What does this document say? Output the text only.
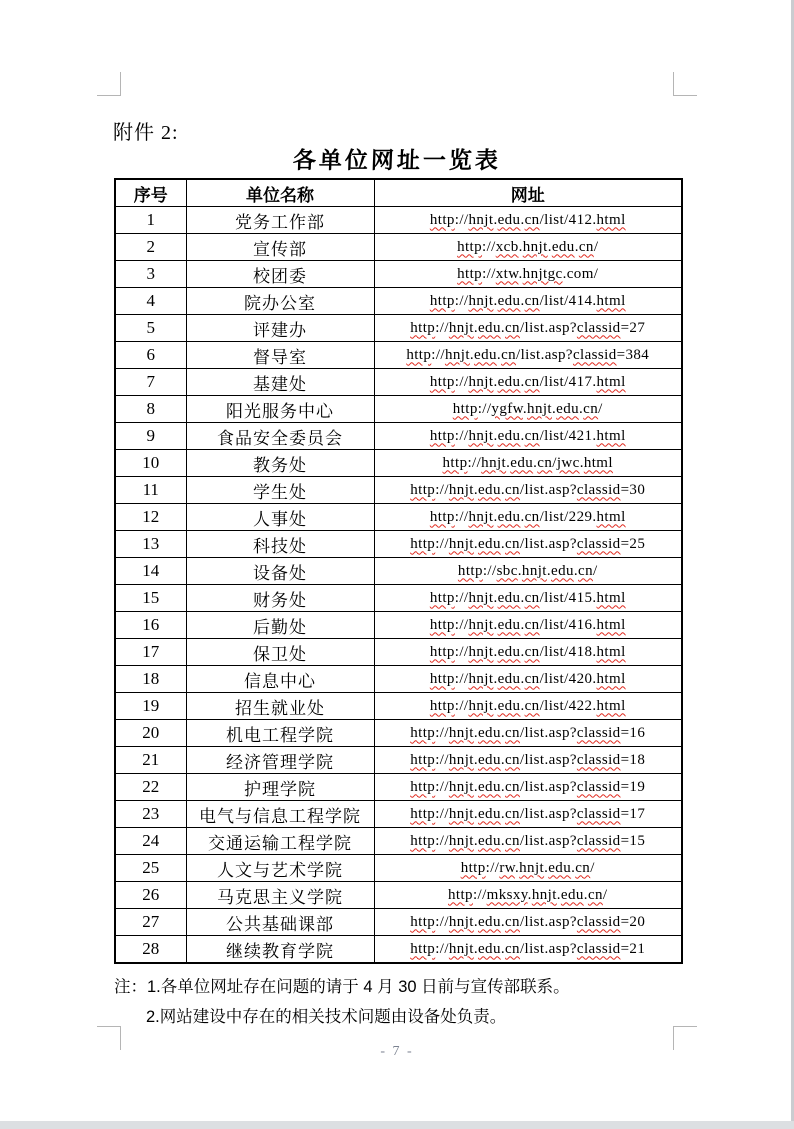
附件 2:
各单位网址一览表
序号	单位名称	网址
1	党务工作部	http://hnjt.edu.cn/list/412.html
2	宣传部	http://xcb.hnjt.edu.cn/
3	校团委	http://xtw.hnjtgc.com/
4	院办公室	http://hnjt.edu.cn/list/414.html
5	评建办	http://hnjt.edu.cn/list.asp?classid=27
6	督导室	http://hnjt.edu.cn/list.asp?classid=384
7	基建处	http://hnjt.edu.cn/list/417.html
8	阳光服务中心	http://ygfw.hnjt.edu.cn/
9	食品安全委员会	http://hnjt.edu.cn/list/421.html
10	教务处	http://hnjt.edu.cn/jwc.html
11	学生处	http://hnjt.edu.cn/list.asp?classid=30
12	人事处	http://hnjt.edu.cn/list/229.html
13	科技处	http://hnjt.edu.cn/list.asp?classid=25
14	设备处	http://sbc.hnjt.edu.cn/
15	财务处	http://hnjt.edu.cn/list/415.html
16	后勤处	http://hnjt.edu.cn/list/416.html
17	保卫处	http://hnjt.edu.cn/list/418.html
18	信息中心	http://hnjt.edu.cn/list/420.html
19	招生就业处	http://hnjt.edu.cn/list/422.html
20	机电工程学院	http://hnjt.edu.cn/list.asp?classid=16
21	经济管理学院	http://hnjt.edu.cn/list.asp?classid=18
22	护理学院	http://hnjt.edu.cn/list.asp?classid=19
23	电气与信息工程学院	http://hnjt.edu.cn/list.asp?classid=17
24	交通运输工程学院	http://hnjt.edu.cn/list.asp?classid=15
25	人文与艺术学院	http://rw.hnjt.edu.cn/
26	马克思主义学院	http://mksxy.hnjt.edu.cn/
27	公共基础课部	http://hnjt.edu.cn/list.asp?classid=20
28	继续教育学院	http://hnjt.edu.cn/list.asp?classid=21
注：1.各单位网址存在问题的请于 4 月 30 日前与宣传部联系。
2.网站建设中存在的相关技术问题由设备处负责。
- 7 -
